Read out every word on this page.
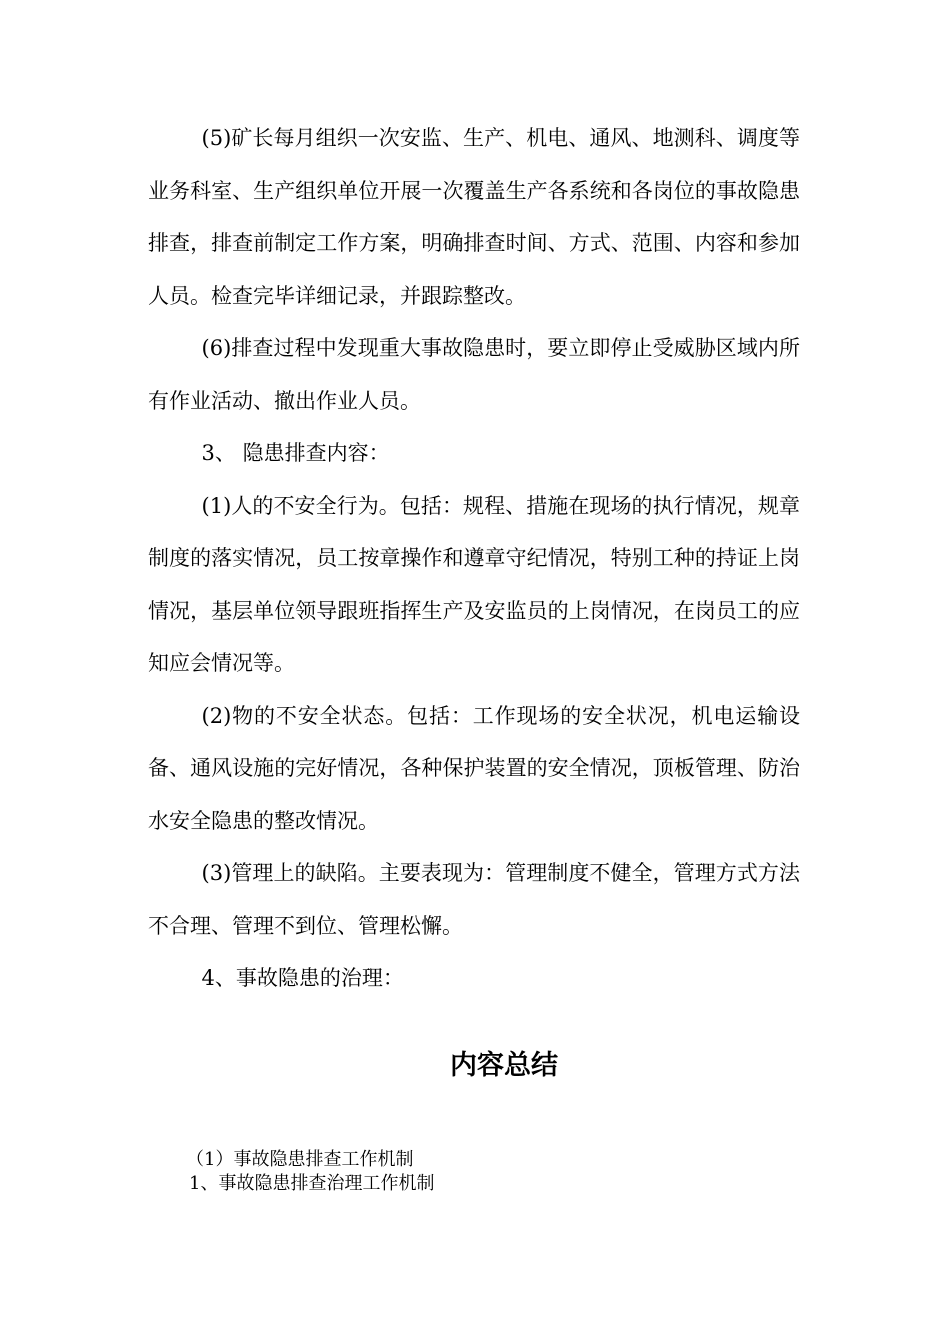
(5)矿长每月组织一次安监、生产、机电、通风、地测科、调度等业务科室、生产组织单位开展一次覆盖生产各系统和各岗位的事故隐患排查，排查前制定工作方案，明确排查时间、方式、范围、内容和参加人员。检查完毕详细记录，并跟踪整改。

(6)排查过程中发现重大事故隐患时，要立即停止受威胁区域内所有作业活动、撤出作业人员。

3、 隐患排查内容：

(1)人的不安全行为。包括：规程、措施在现场的执行情况，规章制度的落实情况，员工按章操作和遵章守纪情况，特别工种的持证上岗情况，基层单位领导跟班指挥生产及安监员的上岗情况，在岗员工的应知应会情况等。

(2)物的不安全状态。包括：工作现场的安全状况，机电运输设备、通风设施的完好情况，各种保护装置的安全情况，顶板管理、防治水安全隐患的整改情况。

(3)管理上的缺陷。主要表现为：管理制度不健全，管理方式方法不合理、管理不到位、管理松懈。

4、事故隐患的治理：

内容总结

（1）事故隐患排查工作机制

1、事故隐患排查治理工作机制
